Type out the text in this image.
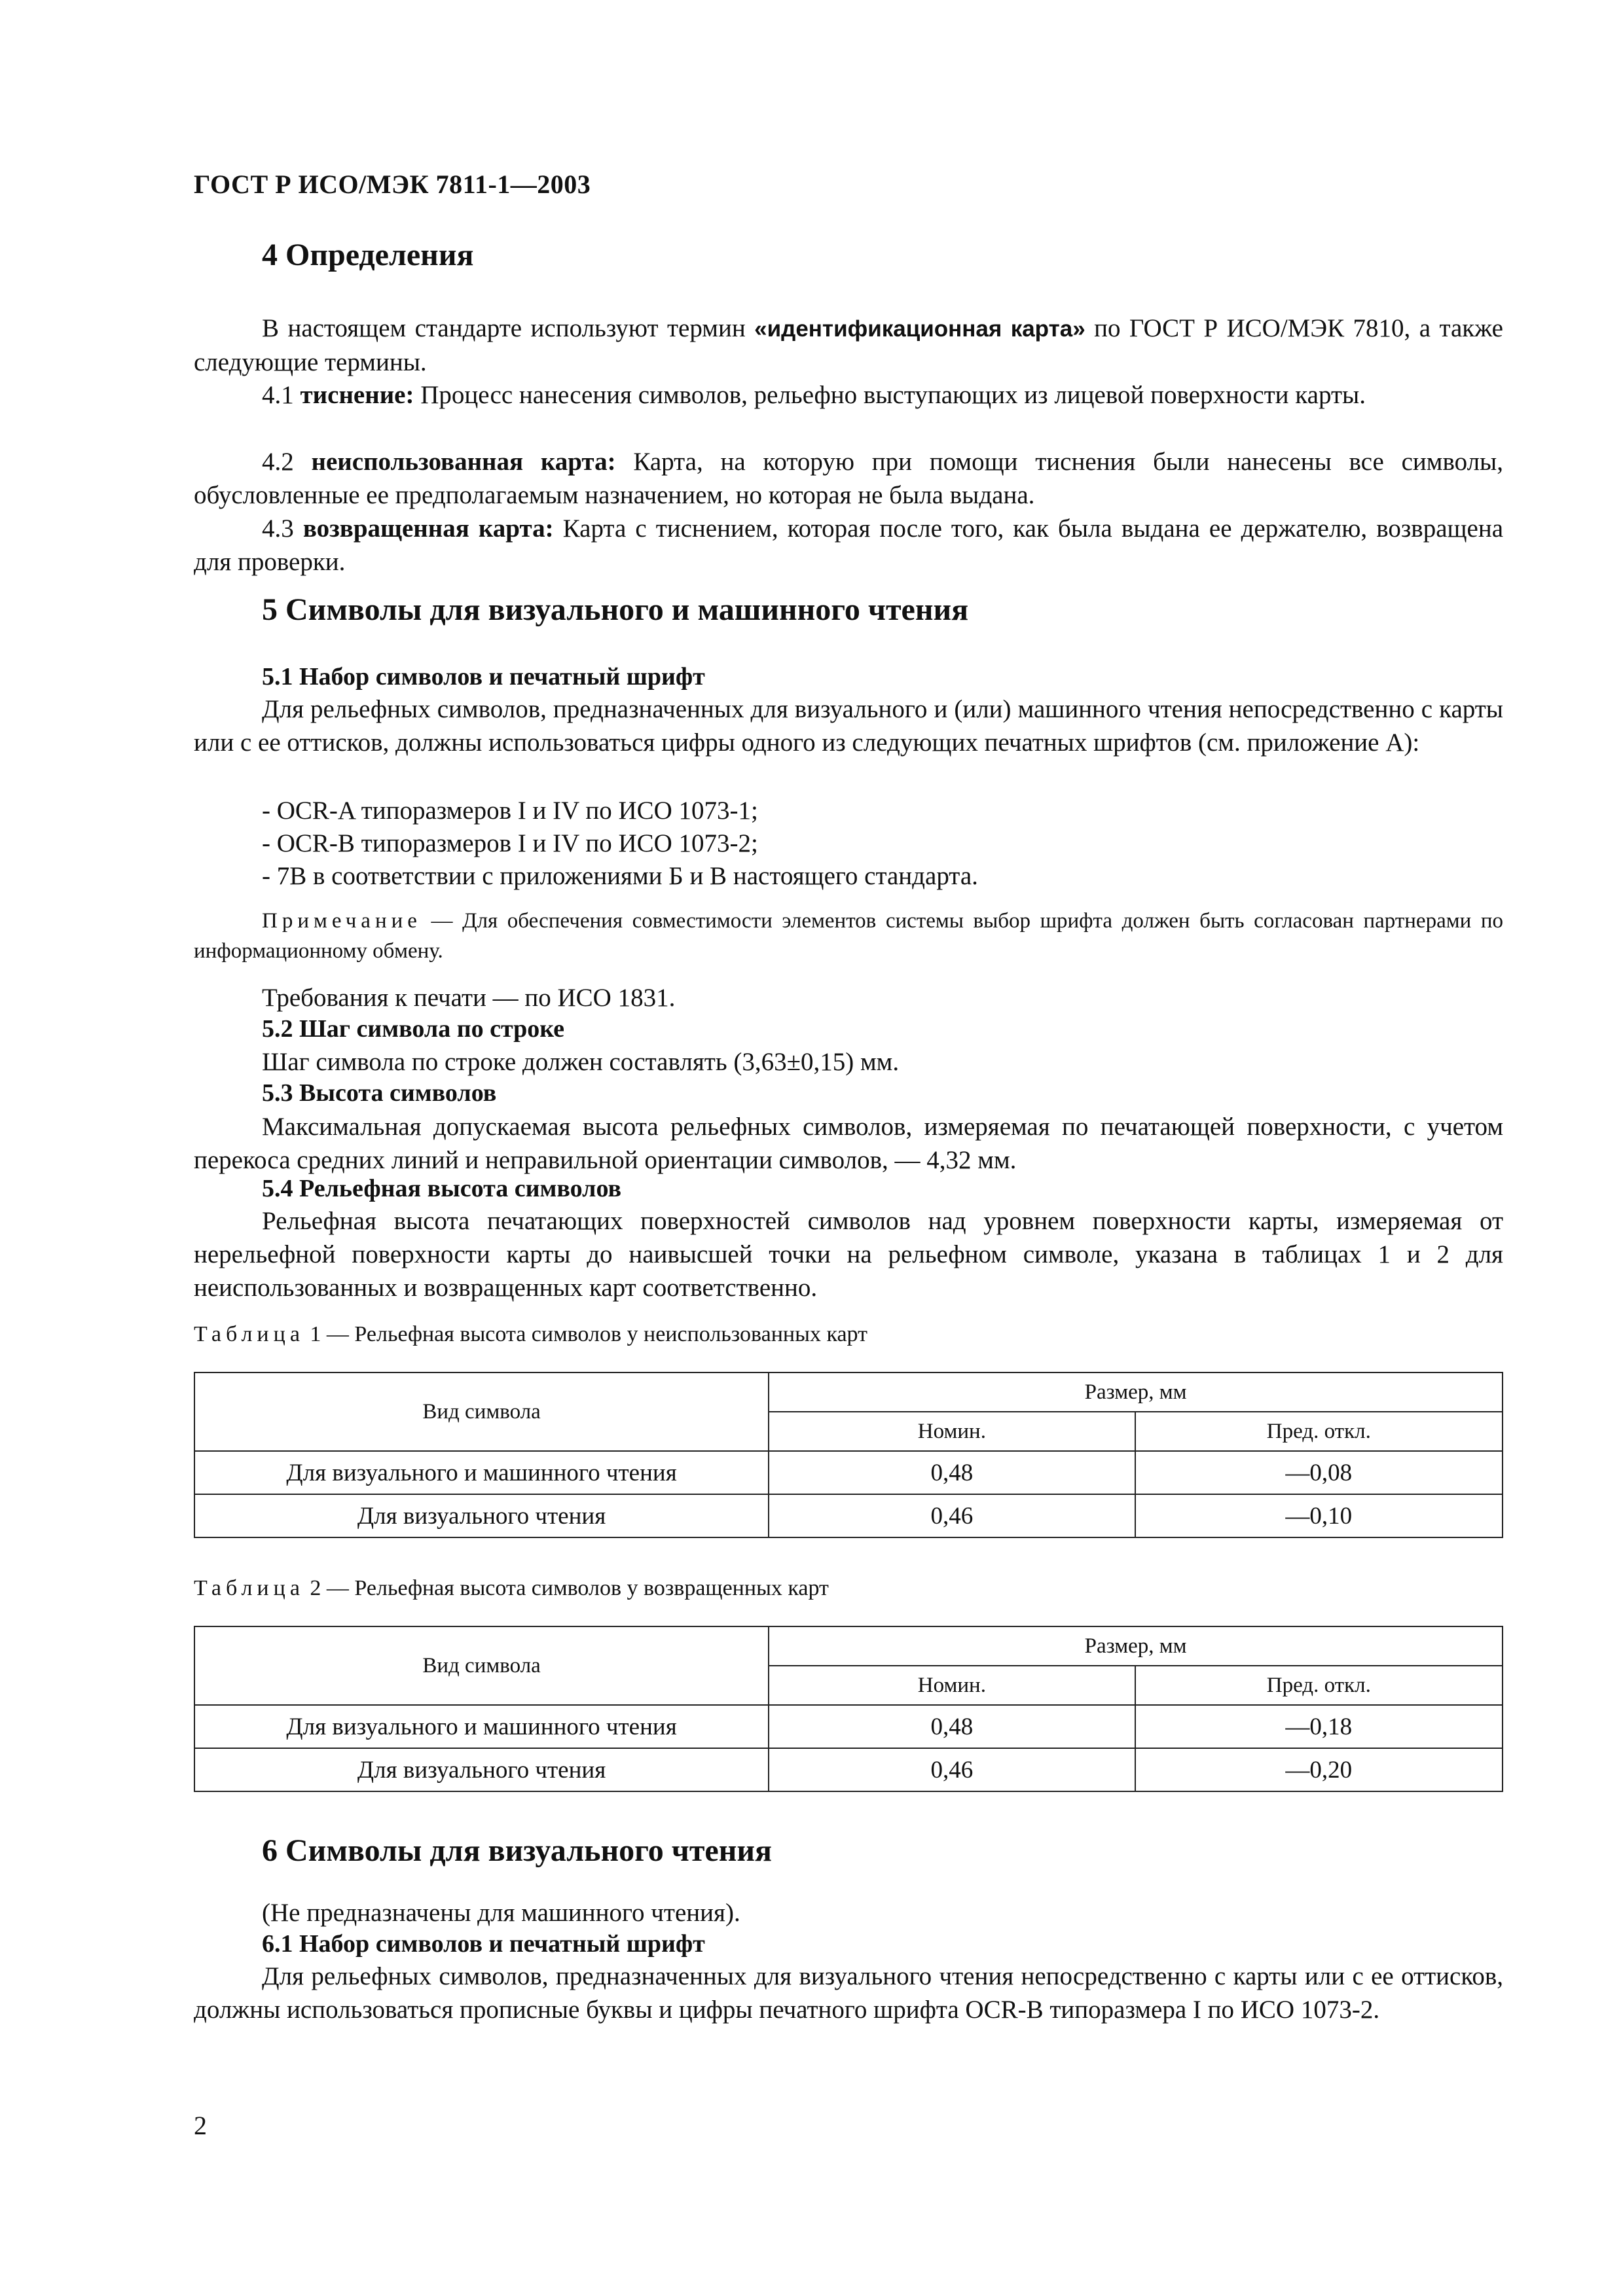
ГОСТ Р ИСО/МЭК 7811-1—2003
4 Определения

В настоящем стандарте используют термин «идентификационная карта» по ГОСТ Р ИСО/МЭК 7810, а также следующие термины.

4.1 тиснение: Процесс нанесения символов, рельефно выступающих из лицевой поверхности карты.

4.2 неиспользованная карта: Карта, на которую при помощи тиснения были нанесены все символы, обусловленные ее предполагаемым назначением, но которая не была выдана.

4.3 возвращенная карта: Карта с тиснением, которая после того, как была выдана ее держателю, возвращена для проверки.

5 Символы для визуального и машинного чтения
5.1 Набор символов и печатный шрифт

Для рельефных символов, предназначенных для визуального и (или) машинного чтения непосредственно с карты или с ее оттисков, должны использоваться цифры одного из следующих печатных шрифтов (см. приложение А):

- OCR-A типоразмеров I и IV по ИСО 1073-1;
- OCR-B типоразмеров I и IV по ИСО 1073-2;
- 7B в соответствии с приложениями Б и В настоящего стандарта.

Примечание — Для обеспечения совместимости элементов системы выбор шрифта должен быть согласован партнерами по информационному обмену.

Требования к печати — по ИСО 1831.
5.2 Шаг символа по строке
Шаг символа по строке должен составлять (3,63±0,15) мм.
5.3 Высота символов

Максимальная допускаемая высота рельефных символов, измеряемая по печатающей поверхности, с учетом перекоса средних линий и неправильной ориентации символов, — 4,32 мм.

5.4 Рельефная высота символов

Рельефная высота печатающих поверхностей символов над уровнем поверхности карты, измеряемая от нерельефной поверхности карты до наивысшей точки на рельефном символе, указана в таблицах 1 и 2 для неиспользованных и возвращенных карт соответственно.

Таблица 1 — Рельефная высота символов у неиспользованных карт
Вид символа	Размер, мм	
	Номин.	Пред. откл.
Для визуального и машинного чтения	0,48	—0,08
Для визуального чтения	0,46	—0,10
Таблица 2 — Рельефная высота символов у возвращенных карт
Вид символа	Размер, мм	
	Номин.	Пред. откл.
Для визуального и машинного чтения	0,48	—0,18
Для визуального чтения	0,46	—0,20
6 Символы для визуального чтения
(Не предназначены для машинного чтения).
6.1 Набор символов и печатный шрифт

Для рельефных символов, предназначенных для визуального чтения непосредственно с карты или с ее оттисков, должны использоваться прописные буквы и цифры печатного шрифта OCR-B типоразмера I по ИСО 1073-2.

2
